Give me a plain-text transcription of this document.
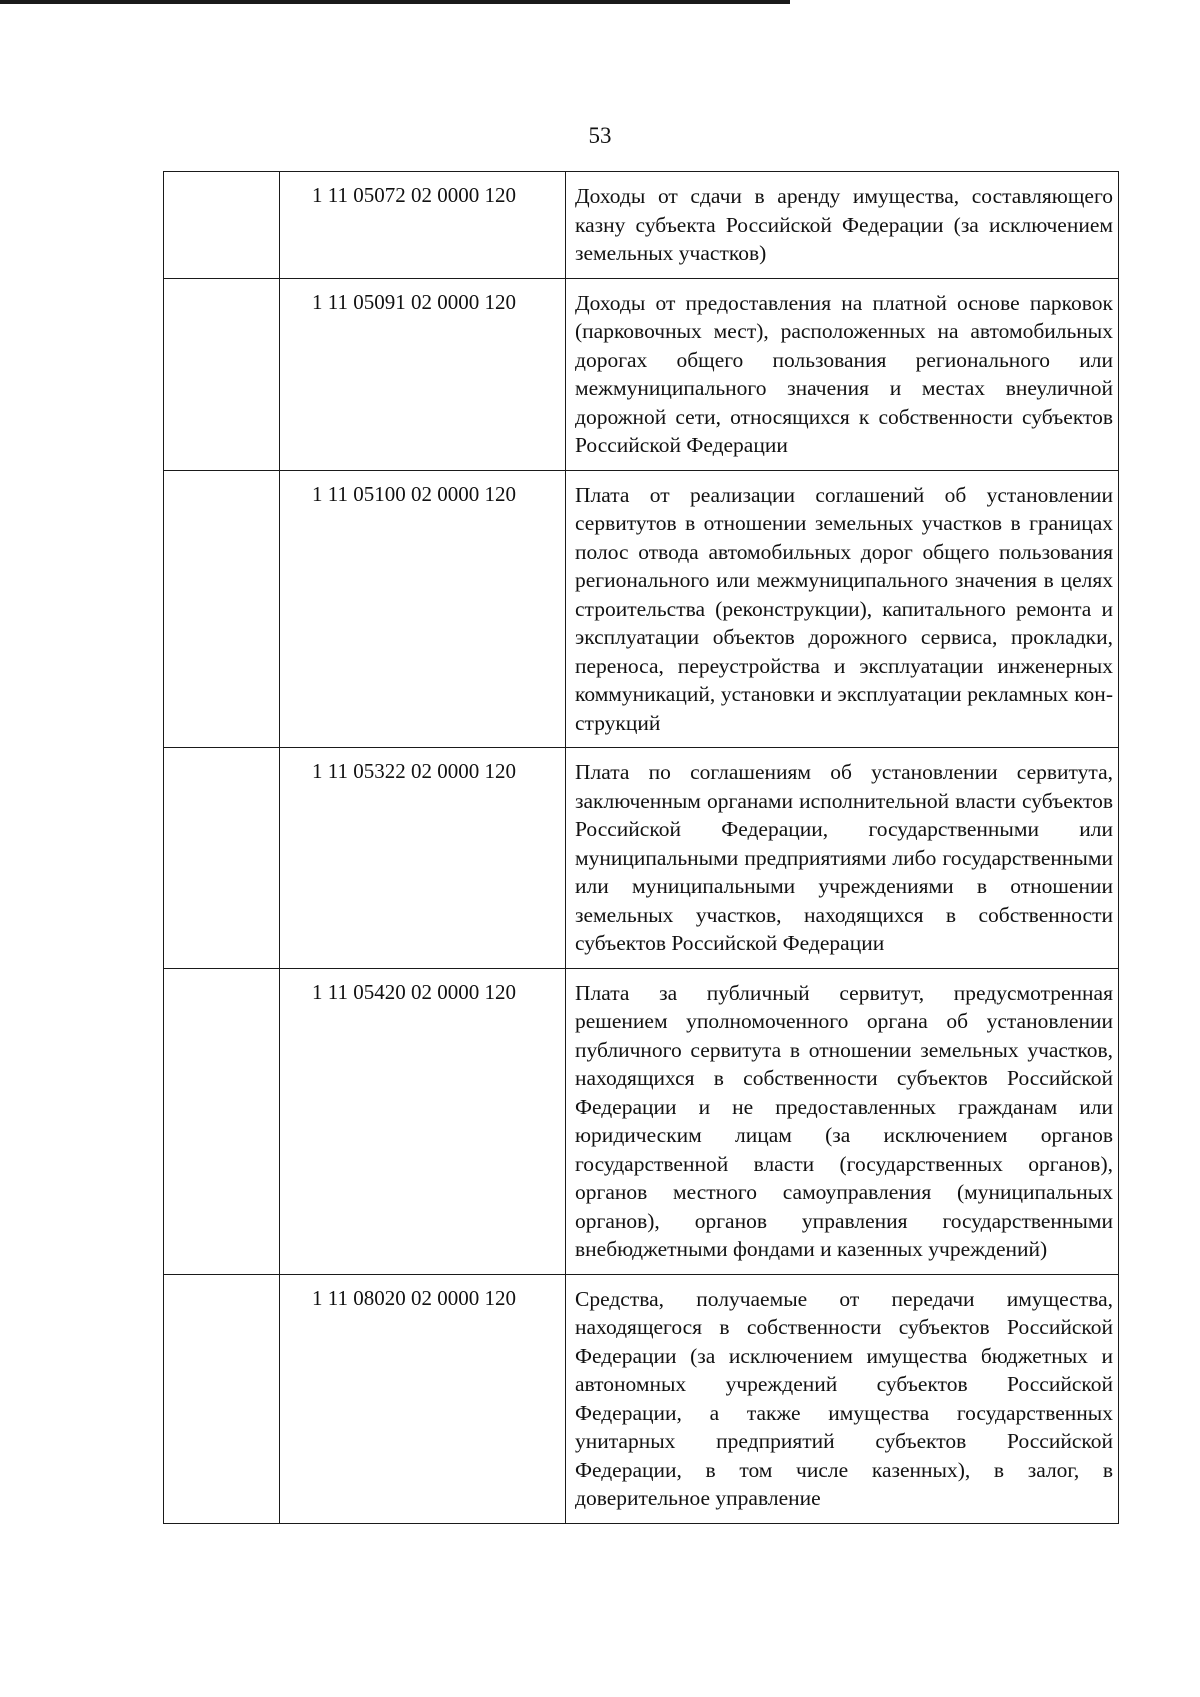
53
	1 11 05072 02 0000 120	Доходы от сдачи в аренду имущества, составляющего казну субъекта Российской Федерации (за исключением земельных участков)
	1 11 05091 02 0000 120	Доходы от предоставления на платной основе парковок (парковочных мест), расположенных на автомобильных дорогах общего пользования регионального или межмуниципального значения и местах внеуличной дорожной сети, относящихся к собственности субъектов Российской Федерации
	1 11 05100 02 0000 120	Плата от реализации соглашений об установлении сервитутов в отношении земельных участков в границах полос отвода автомобильных дорог общего пользования регионального или межмуниципального значения в целях строительства (реконструкции), капитального ремонта и эксплуатации объектов дорожного сервиса, прокладки, переноса, переустройства и эксплуатации инженерных коммуникаций, установки и эксплуатации рекламных конструкций
	1 11 05322 02 0000 120	Плата по соглашениям об установлении сервитута, заключенным органами исполнительной власти субъектов Российской Федерации, государственными или муниципальными предприятиями либо государственными или муниципальными учреждениями в отношении земельных участков, находящихся в собственности субъектов Российской Федерации
	1 11 05420 02 0000 120	Плата за публичный сервитут, предусмотренная решением уполномоченного органа об установлении публичного сервитута в отношении земельных участков, находящихся в собственности субъектов Российской Федерации и не предоставленных гражданам или юридическим лицам (за исключением органов государственной власти (государственных органов), органов местного самоуправления (муниципальных органов), органов управления государственными внебюджетными фондами и казенных учреждений)
	1 11 08020 02 0000 120	Средства, получаемые от передачи имущества, находящегося в собственности субъектов Российской Федерации (за исключением имущества бюджетных и автономных учреждений субъектов Российской Федерации, а также имущества государственных унитарных предприятий субъектов Российской Федерации, в том числе казенных), в залог, в доверительное управление
